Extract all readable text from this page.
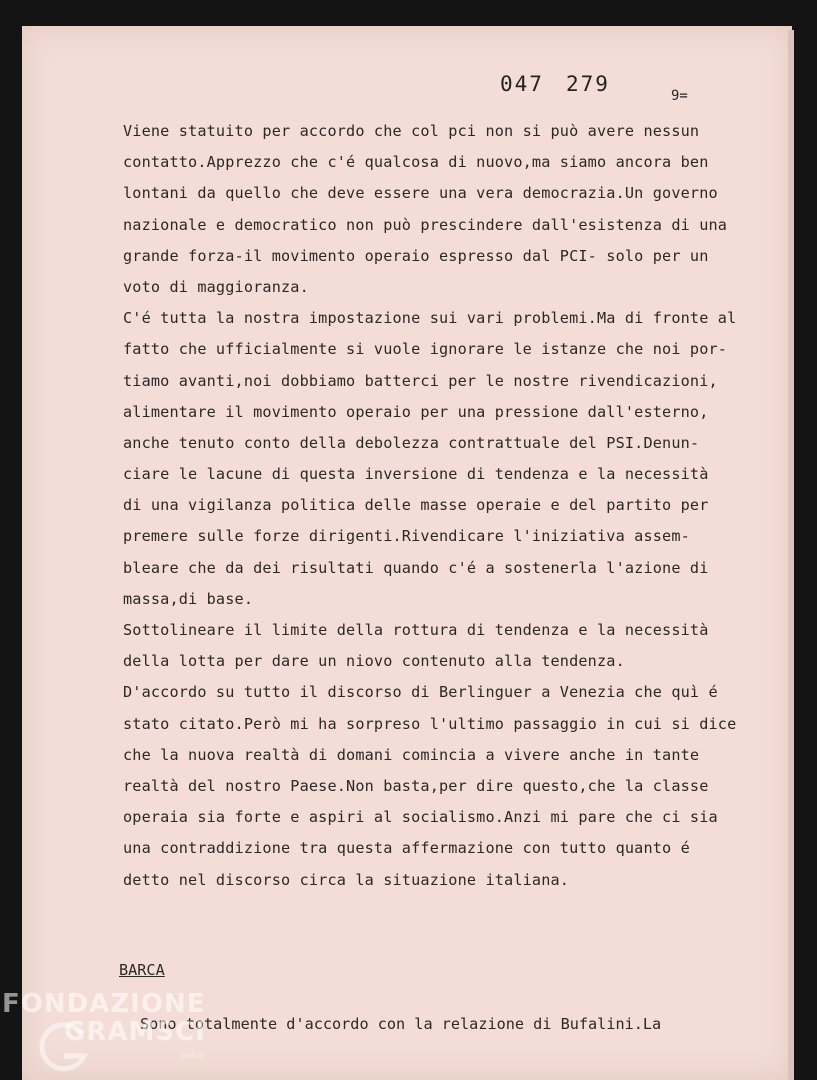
047 279	9=
Viene statuito per accordo che col pci non si può avere nessun
contatto.Apprezzo che c'é qualcosa di nuovo,ma siamo ancora ben
lontani da quello che deve essere una vera democrazia.Un governo
nazionale e democratico non può prescindere dall'esistenza di una
grande forza-il movimento operaio espresso dal PCI- solo per un
voto di maggioranza.
C'é tutta la nostra impostazione sui vari problemi.Ma di fronte al
fatto che ufficialmente si vuole ignorare le istanze che noi por-
tiamo avanti,noi dobbiamo batterci per le nostre rivendicazioni,
alimentare il movimento operaio per una pressione dall'esterno,
anche tenuto conto della debolezza contrattuale del PSI.Denun-
ciare le lacune di questa inversione di tendenza e la necessità
di una vigilanza politica delle masse operaie e del partito per
premere sulle forze dirigenti.Rivendicare l'iniziativa assem-
bleare che da dei risultati quando c'é a sostenerla l'azione di
massa,di base.
Sottolineare il limite della rottura di tendenza e la necessità
della lotta per dare un niovo contenuto alla tendenza.
D'accordo su tutto il discorso di Berlinguer a Venezia che quì é
stato citato.Però mi ha sorpreso l'ultimo passaggio in cui si dice
che la nuova realtà di domani comincia a vivere anche in tante
realtà del nostro Paese.Non basta,per dire questo,che la classe
operaia sia forte e aspiri al socialismo.Anzi mi pare che ci sia
una contraddizione tra questa affermazione con tutto quanto é
detto nel discorso circa la situazione italiana.
BARCA
Sono totalmente d'accordo con la relazione di Bufalini.La
FONDAZIONE
GRAMSCI
onlus
